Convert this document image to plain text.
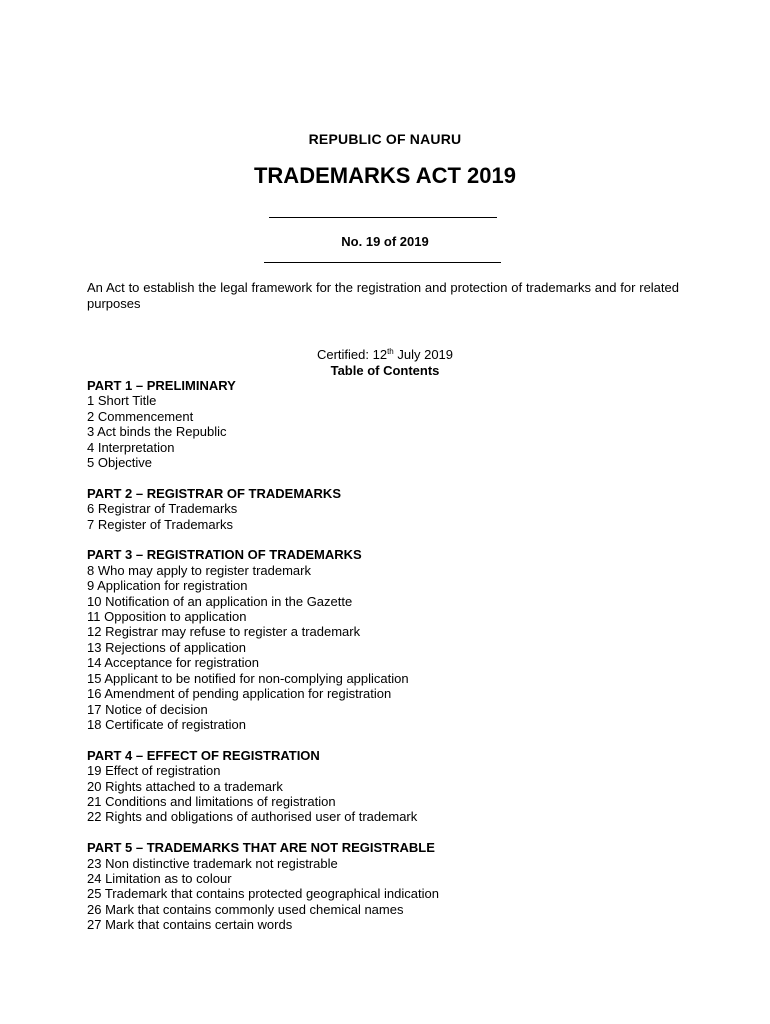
REPUBLIC OF NAURU
TRADEMARKS ACT 2019
No. 19 of 2019
An Act to establish the legal framework for the registration and protection of trademarks and for related purposes
Certified: 12th July 2019
Table of Contents
PART 1 – PRELIMINARY
1 Short Title
2 Commencement
3 Act binds the Republic
4 Interpretation
5 Objective
PART 2 – REGISTRAR OF TRADEMARKS
6 Registrar of Trademarks
7 Register of Trademarks
PART 3 – REGISTRATION OF TRADEMARKS
8 Who may apply to register trademark
9 Application for registration
10 Notification of an application in the Gazette
11 Opposition to application
12 Registrar may refuse to register a trademark
13 Rejections of application
14 Acceptance for registration
15 Applicant to be notified for non-complying application
16 Amendment of pending application for registration
17 Notice of decision
18 Certificate of registration
PART 4 – EFFECT OF REGISTRATION
19 Effect of registration
20 Rights attached to a trademark
21 Conditions and limitations of registration
22 Rights and obligations of authorised user of trademark
PART 5 – TRADEMARKS THAT ARE NOT REGISTRABLE
23 Non distinctive trademark not registrable
24 Limitation as to colour
25 Trademark that contains protected geographical indication
26 Mark that contains commonly used chemical names
27 Mark that contains certain words
